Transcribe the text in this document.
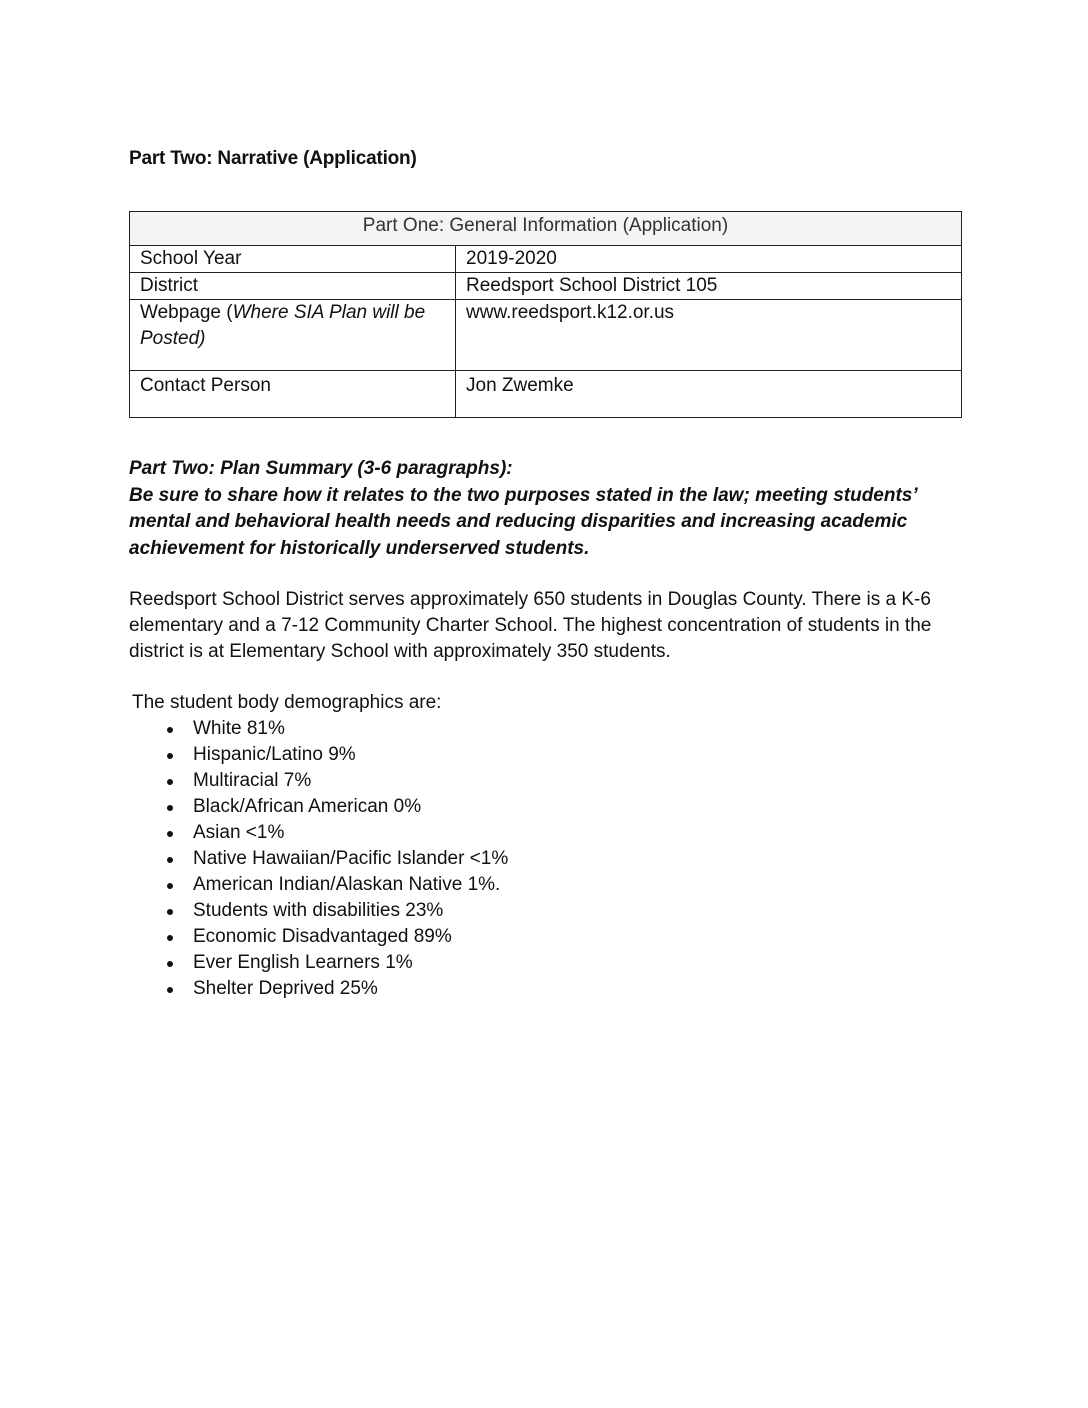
Part Two: Narrative (Application)
Part One: General Information (Application)	
School Year	2019-2020
District	Reedsport School District 105
Webpage (Where SIA Plan will be Posted)	www.reedsport.k12.or.us
Contact Person	Jon Zwemke
Part Two: Plan Summary (3-6 paragraphs):
Be sure to share how it relates to the two purposes stated in the law; meeting students’ mental and behavioral health needs and reducing disparities and increasing academic achievement for historically underserved students.
Reedsport School District serves approximately 650 students in Douglas County. There is a K-6 elementary and a 7-12 Community Charter School. The highest concentration of students in the district is at Elementary School with approximately 350 students.
The student body demographics are:
White 81%
Hispanic/Latino 9%
Multiracial 7%
Black/African American 0%
Asian <1%
Native Hawaiian/Pacific Islander <1%
American Indian/Alaskan Native 1%.
Students with disabilities 23%
Economic Disadvantaged 89%
Ever English Learners 1%
Shelter Deprived 25%
